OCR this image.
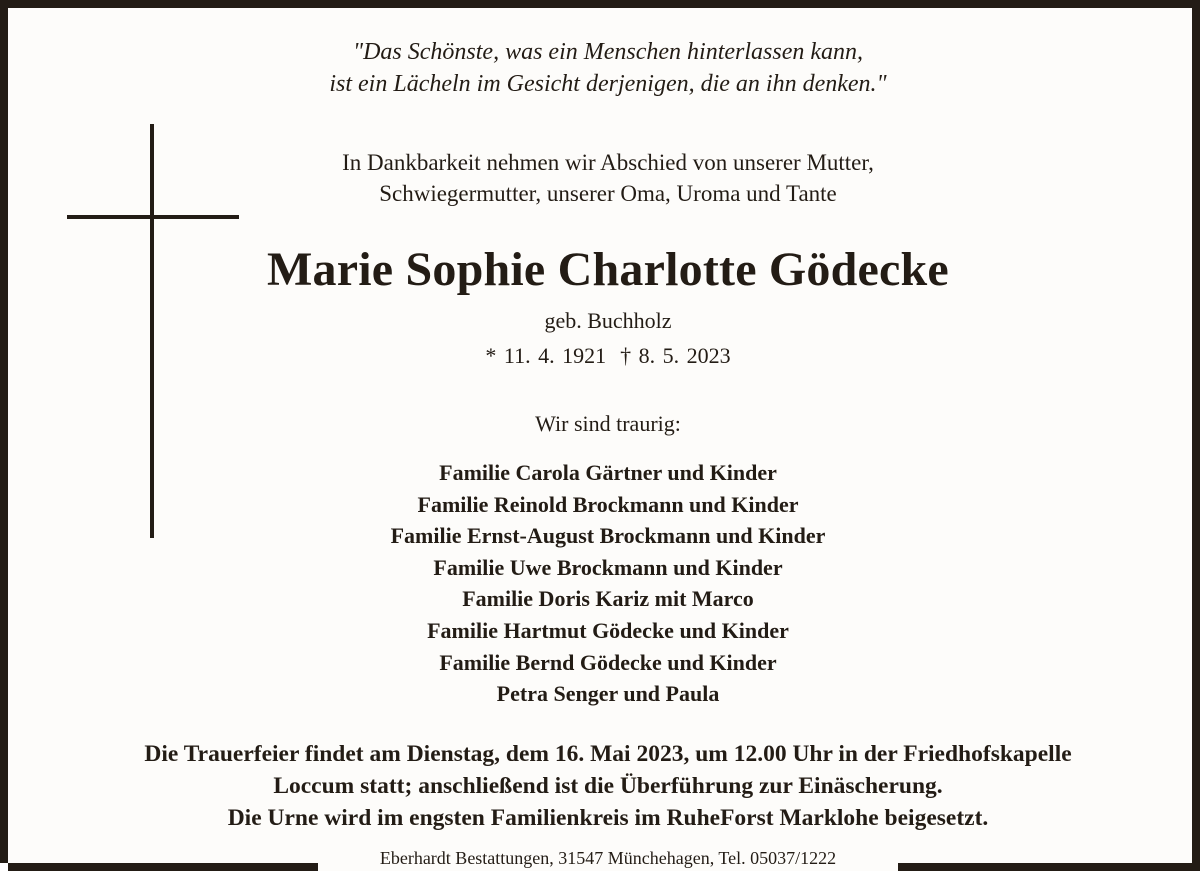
"Das Schönste, was ein Menschen hinterlassen kann,
ist ein Lächeln im Gesicht derjenigen, die an ihn denken."
In Dankbarkeit nehmen wir Abschied von unserer Mutter,
Schwiegermutter, unserer Oma, Uroma und Tante
Marie Sophie Charlotte Gödecke
geb. Buchholz
* 11. 4. 1921 † 8. 5. 2023
Wir sind traurig:
Familie Carola Gärtner und Kinder
Familie Reinold Brockmann und Kinder
Familie Ernst-August Brockmann und Kinder
Familie Uwe Brockmann und Kinder
Familie Doris Kariz mit Marco
Familie Hartmut Gödecke und Kinder
Familie Bernd Gödecke und Kinder
Petra Senger und Paula
Die Trauerfeier findet am Dienstag, dem 16. Mai 2023, um 12.00 Uhr in der Friedhofskapelle
Loccum statt; anschließend ist die Überführung zur Einäscherung.
Die Urne wird im engsten Familienkreis im RuheForst Marklohe beigesetzt.
Eberhardt Bestattungen, 31547 Münchehagen, Tel. 05037/1222
